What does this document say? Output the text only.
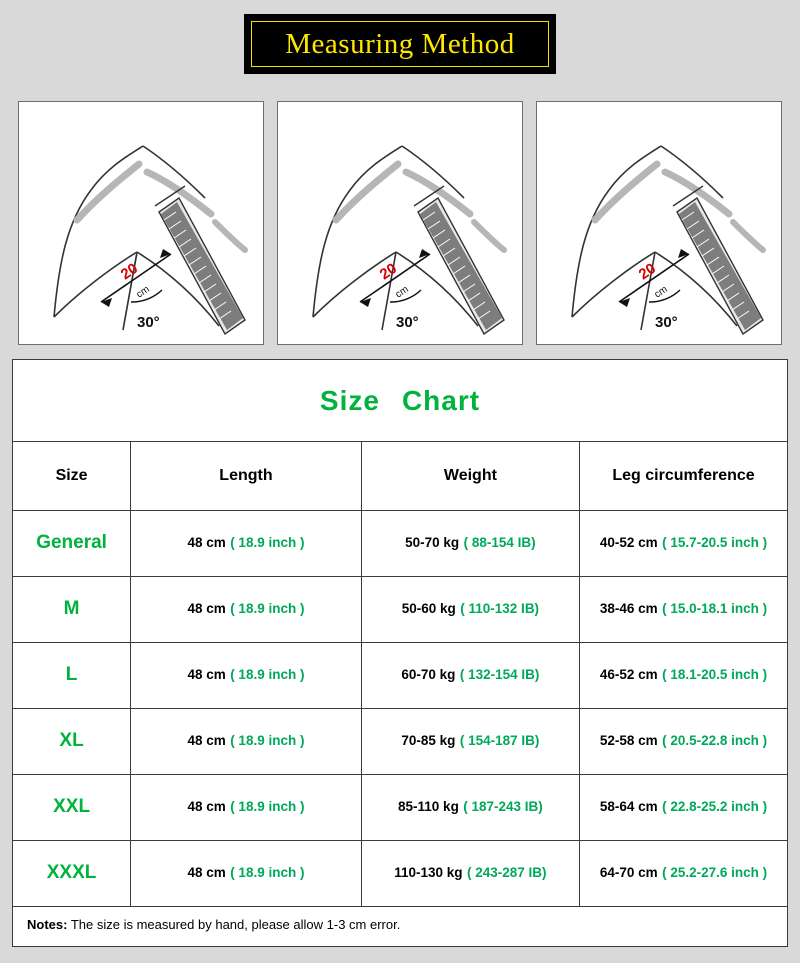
Measuring Method
20
cm
30°
20
cm
30°
20
cm
30°
Size Chart
Size	Length	Weight	Leg circumference
General	48 cm ( 18.9 inch )	50-70 kg ( 88-154 IB)	40-52 cm ( 15.7-20.5 inch )
M	48 cm ( 18.9 inch )	50-60 kg ( 110-132 IB)	38-46 cm ( 15.0-18.1 inch )
L	48 cm ( 18.9 inch )	60-70 kg ( 132-154 IB)	46-52 cm ( 18.1-20.5 inch )
XL	48 cm ( 18.9 inch )	70-85 kg ( 154-187 IB)	52-58 cm ( 20.5-22.8 inch )
XXL	48 cm ( 18.9 inch )	85-110 kg ( 187-243 IB)	58-64 cm ( 22.8-25.2 inch )
XXXL	48 cm ( 18.9 inch )	110-130 kg ( 243-287 IB)	64-70 cm ( 25.2-27.6 inch )
Notes: The size is measured by hand, please allow 1-3 cm error.
